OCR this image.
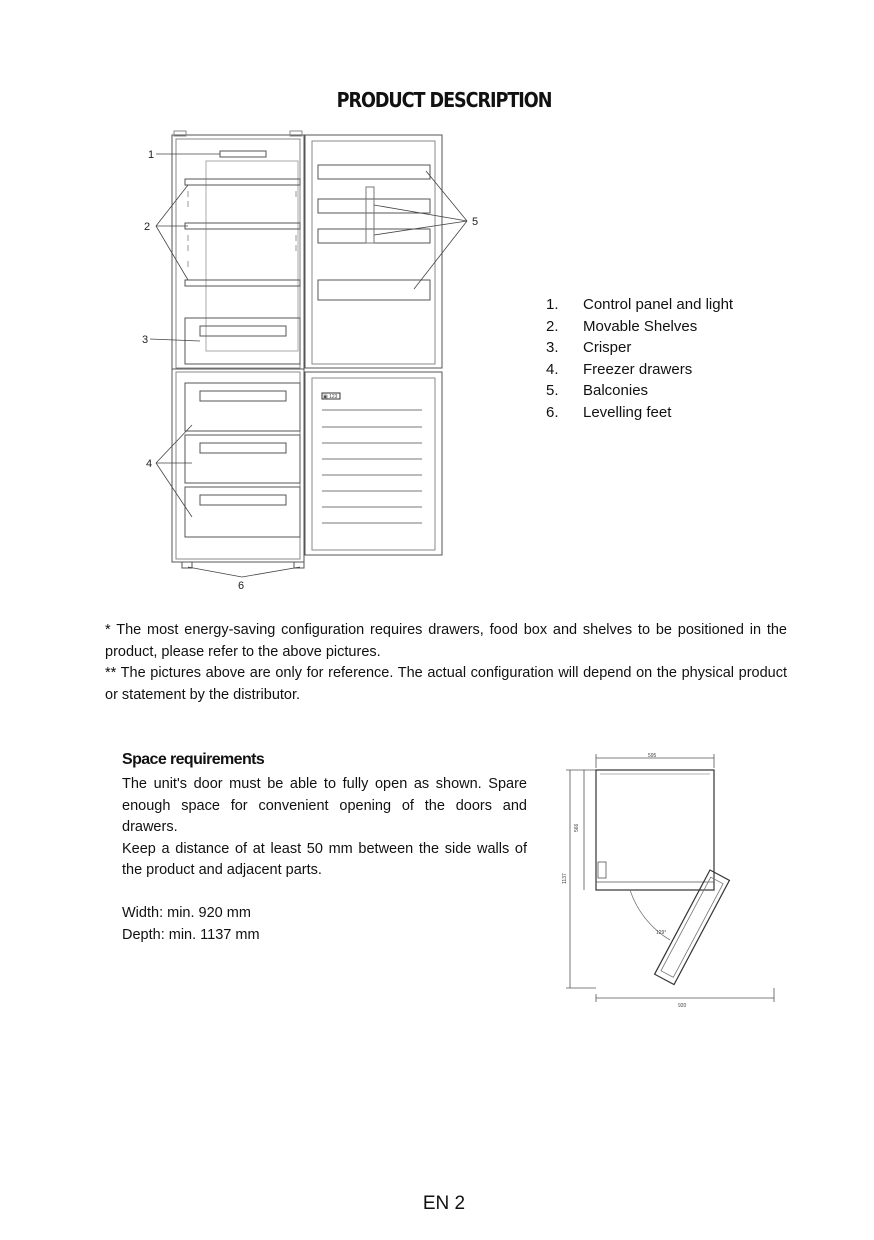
PRODUCT DESCRIPTION
1
2
3
4
5
6
▣ 123
1.	Control panel and light
2.	Movable Shelves
3.	Crisper
4.	Freezer drawers
5.	Balconies
6.	Levelling feet

* The most energy-saving configuration requires drawers, food box and shelves to be positioned in the product, please refer to the above pictures.

** The pictures above are only for reference. The actual configuration will depend on the physical product or statement by the distributor.

Space requirements

The unit's door must be able to fully open as shown. Spare enough space for convenient opening of the doors and drawers.
Keep a distance of at least 50 mm between the side walls of the product and adjacent parts.

Width: min. 920 mm
Depth: min. 1137 mm
595
566
1137
920
129°
EN 2
